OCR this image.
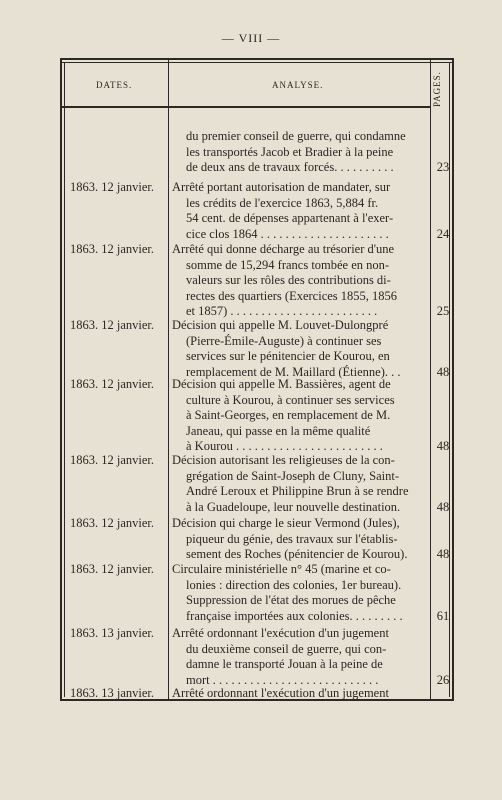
— VIII —
DATES.	ANALYSE.	PAGES.
du premier conseil de guerre, qui condamne
les transportés Jacob et Bradier à la peine
de deux ans de travaux forcés. . . . . . . . . .	23
1863. 12 janvier.	Arrêté portant autorisation de mandater, sur
les crédits de l'exercice 1863, 5,884 fr.
54 cent. de dépenses appartenant à l'exer-
cice clos 1864 . . . . . . . . . . . . . . . . . . . . .	24
1863. 12 janvier.	Arrêté qui donne décharge au trésorier d'une
somme de 15,294 francs tombée en non-
valeurs sur les rôles des contributions di-
rectes des quartiers (Exercices 1855, 1856
et 1857) . . . . . . . . . . . . . . . . . . . . . . . .	25
1863. 12 janvier.	Décision qui appelle M. Louvet-Dulongpré
(Pierre-Émile-Auguste) à continuer ses
services sur le pénitencier de Kourou, en
remplacement de M. Maillard (Étienne). . .	48
1863. 12 janvier.	Décision qui appelle M. Bassières, agent de
culture à Kourou, à continuer ses services
à Saint-Georges, en remplacement de M.
Janeau, qui passe en la même qualité
à Kourou . . . . . . . . . . . . . . . . . . . . . . . .	48
1863. 12 janvier.	Décision autorisant les religieuses de la con-
grégation de Saint-Joseph de Cluny, Saint-
André Leroux et Philippine Brun à se rendre
à la Guadeloupe, leur nouvelle destination.	48
1863. 12 janvier.	Décision qui charge le sieur Vermond (Jules),
piqueur du génie, des travaux sur l'établis-
sement des Roches (pénitencier de Kourou).	48
1863. 12 janvier.	Circulaire ministérielle n° 45 (marine et co-
lonies : direction des colonies, 1er bureau).
Suppression de l'état des morues de pêche
française importées aux colonies. . . . . . . . .	61
1863. 13 janvier.	Arrêté ordonnant l'exécution d'un jugement
du deuxième conseil de guerre, qui con-
damne le transporté Jouan à la peine de
mort . . . . . . . . . . . . . . . . . . . . . . . . . . .	26
1863. 13 janvier.	Arrêté ordonnant l'exécution d'un jugement
